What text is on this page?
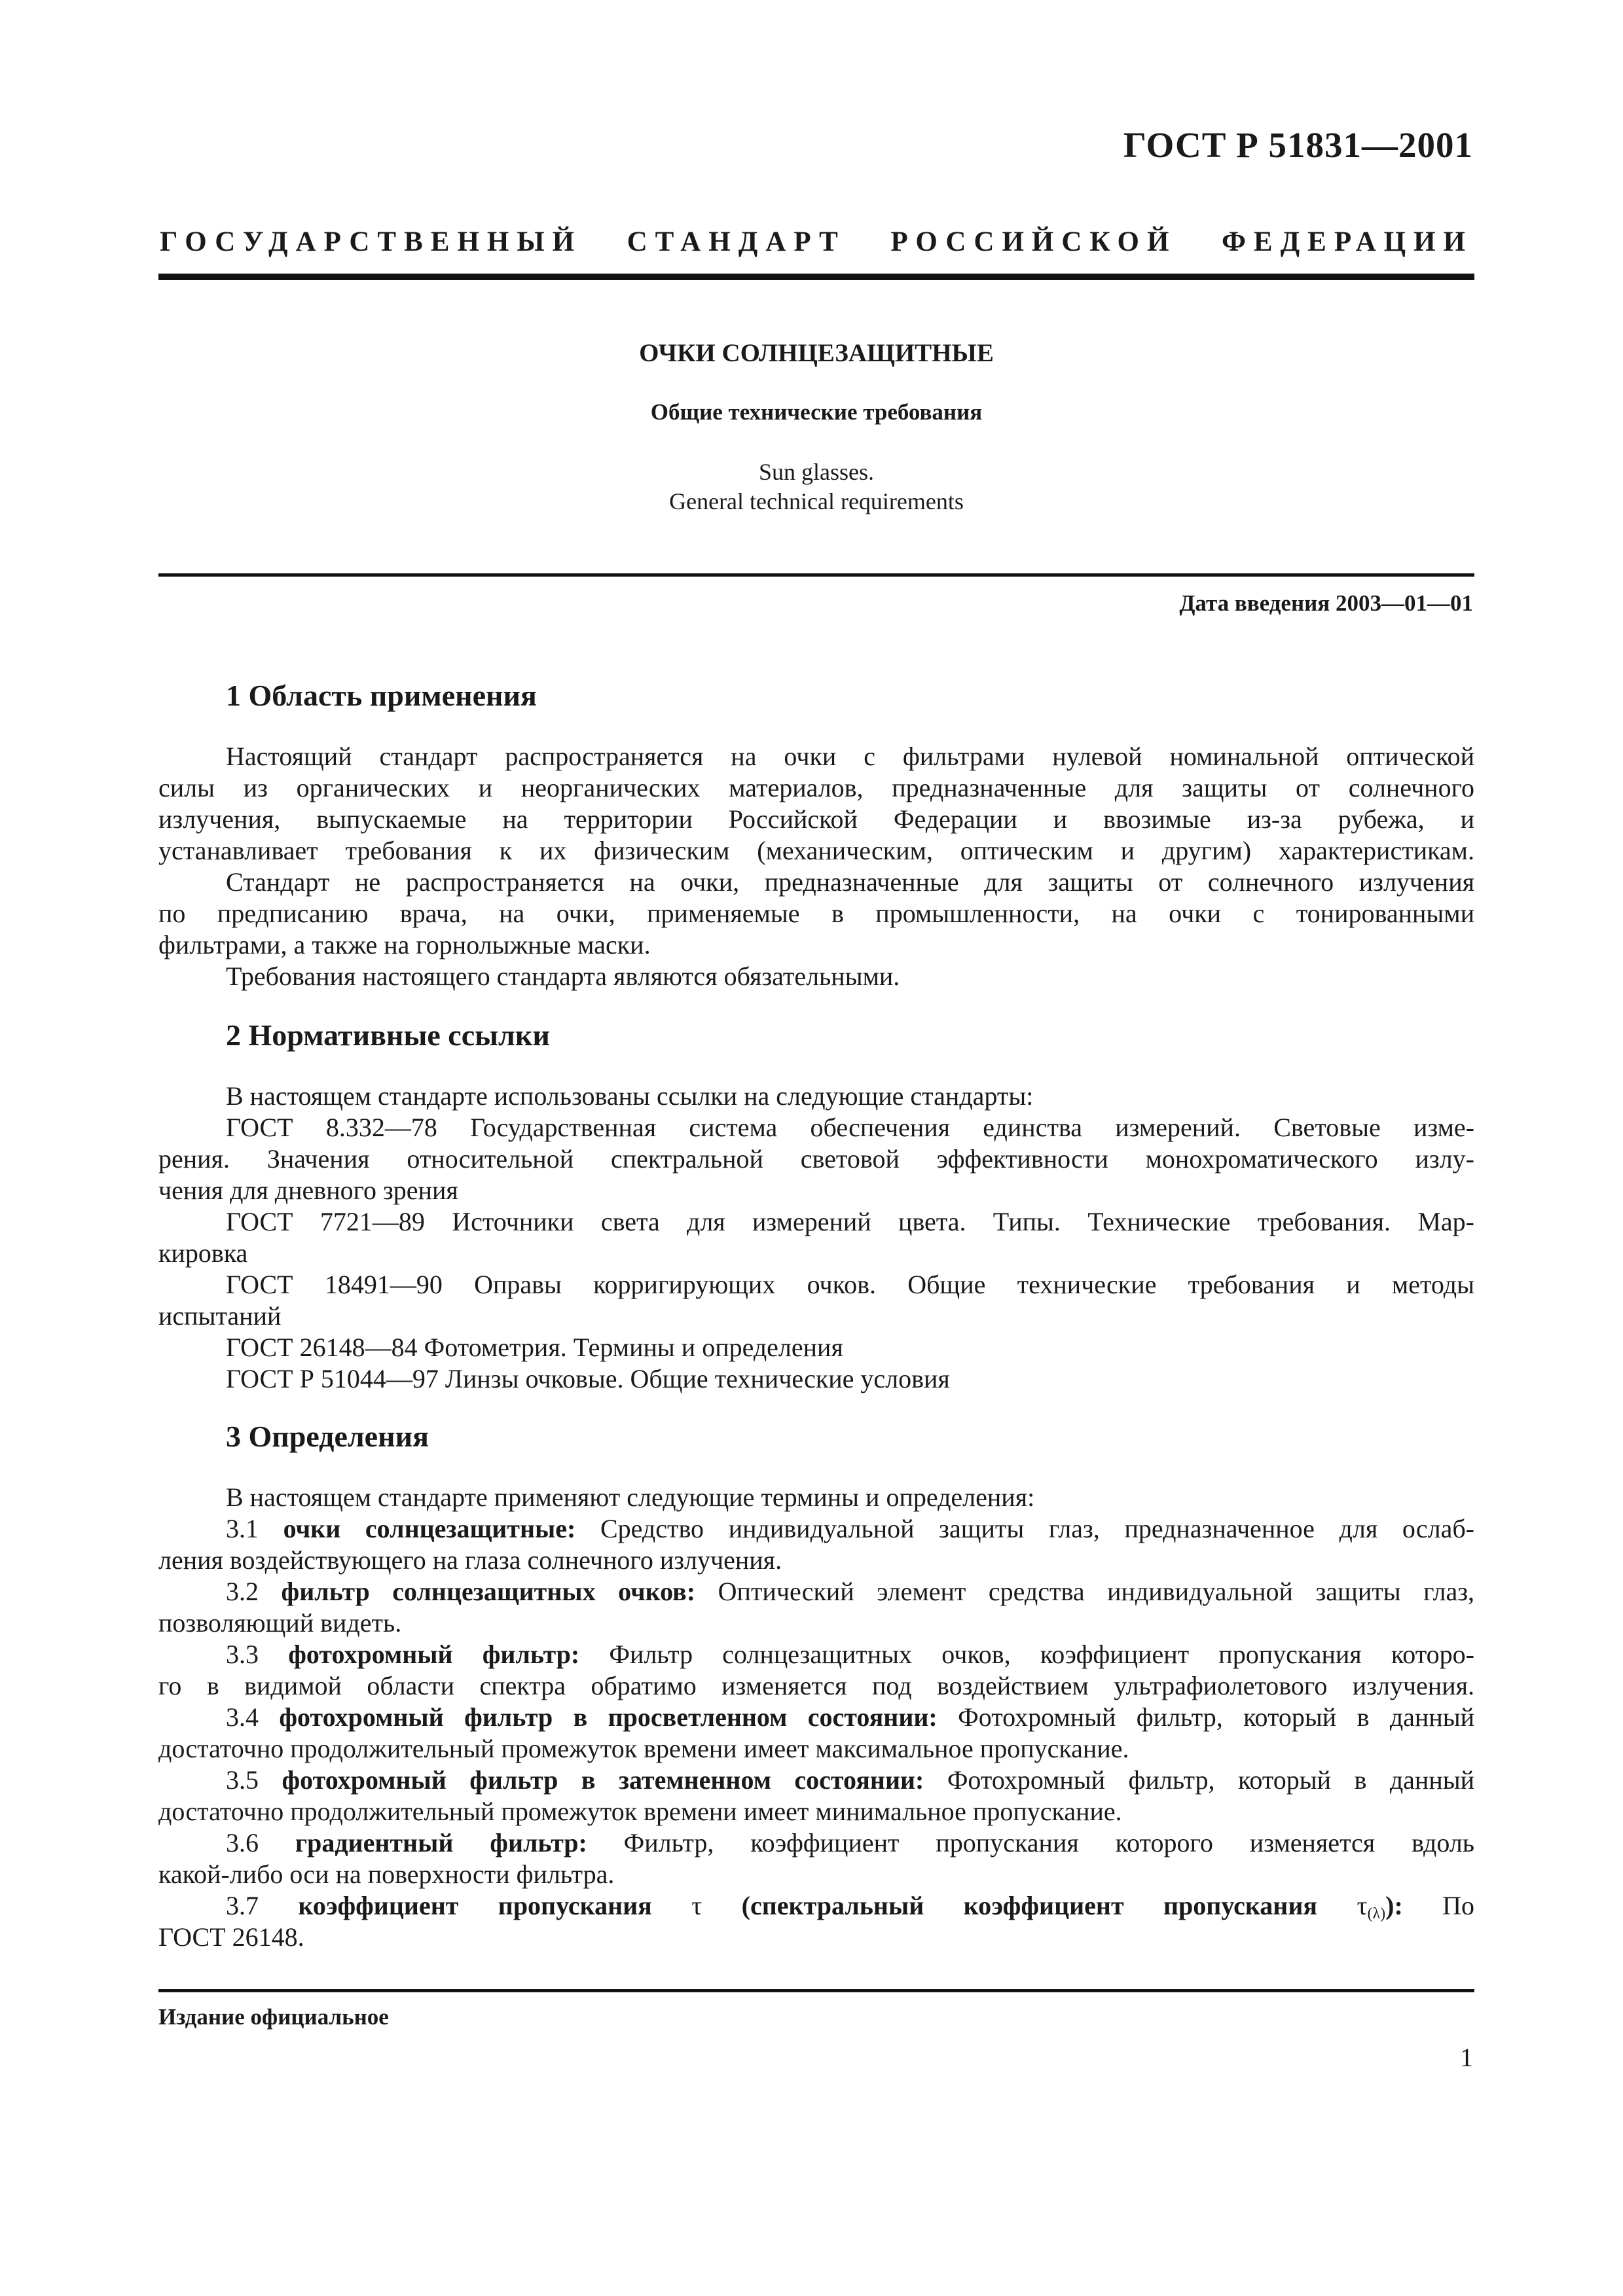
ГОСТ Р 51831—2001
ГОСУДАРСТВЕННЫЙ СТАНДАРТ РОССИЙСКОЙ ФЕДЕРАЦИИ
ОЧКИ СОЛНЦЕЗАЩИТНЫЕ
Общие технические требования
Sun glasses.
General technical requirements
Дата введения 2003—01—01
1 Область применения
Настоящий стандарт распространяется на очки с фильтрами нулевой номинальной оптической
силы из органических и неорганических материалов, предназначенные для защиты от солнечного
излучения, выпускаемые на территории Российской Федерации и ввозимые из-за рубежа, и
устанавливает требования к их физическим (механическим, оптическим и другим) характеристикам.
Стандарт не распространяется на очки, предназначенные для защиты от солнечного излучения
по предписанию врача, на очки, применяемые в промышленности, на очки с тонированными
фильтрами, а также на горнолыжные маски.
Требования настоящего стандарта являются обязательными.
2 Нормативные ссылки
В настоящем стандарте использованы ссылки на следующие стандарты:
ГОСТ 8.332—78 Государственная система обеспечения единства измерений. Световые изме-
рения. Значения относительной спектральной световой эффективности монохроматического излу-
чения для дневного зрения
ГОСТ 7721—89 Источники света для измерений цвета. Типы. Технические требования. Мар-
кировка
ГОСТ 18491—90 Оправы корригирующих очков. Общие технические требования и методы
испытаний
ГОСТ 26148—84 Фотометрия. Термины и определения
ГОСТ Р 51044—97 Линзы очковые. Общие технические условия
3 Определения
В настоящем стандарте применяют следующие термины и определения:
3.1 очки солнцезащитные: Средство индивидуальной защиты глаз, предназначенное для ослаб-
ления воздействующего на глаза солнечного излучения.
3.2 фильтр солнцезащитных очков: Оптический элемент средства индивидуальной защиты глаз,
позволяющий видеть.
3.3 фотохромный фильтр: Фильтр солнцезащитных очков, коэффициент пропускания которо-
го в видимой области спектра обратимо изменяется под воздействием ультрафиолетового излучения.
3.4 фотохромный фильтр в просветленном состоянии: Фотохромный фильтр, который в данный
достаточно продолжительный промежуток времени имеет максимальное пропускание.
3.5 фотохромный фильтр в затемненном состоянии: Фотохромный фильтр, который в данный
достаточно продолжительный промежуток времени имеет минимальное пропускание.
3.6 градиентный фильтр: Фильтр, коэффициент пропускания которого изменяется вдоль
какой-либо оси на поверхности фильтра.
3.7 коэффициент пропускания τ (спектральный коэффициент пропускания $\tau_{(\lambda)}$): По
ГОСТ 26148.
Издание официальное
1
